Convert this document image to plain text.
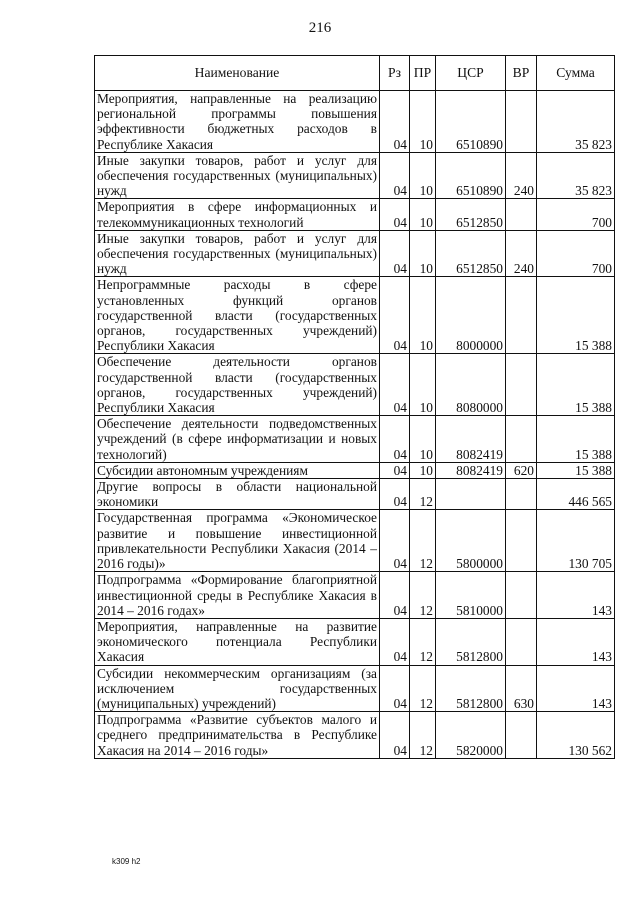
216
Наименование	Рз	ПР	ЦСР	ВР	Сумма
Мероприятия, направленные на реализацию региональной программы повышения эффективности бюджетных расходов в Республике Хакасия	04	10	6510890		35 823
Иные закупки товаров, работ и услуг для обеспечения государственных (муниципальных) нужд	04	10	6510890	240	35 823
Мероприятия в сфере информационных и телекоммуникационных технологий	04	10	6512850		700
Иные закупки товаров, работ и услуг для обеспечения государственных (муниципальных) нужд	04	10	6512850	240	700
Непрограммные расходы в сфере установленных функций органов государственной власти (государственных органов, государственных учреждений) Республики Хакасия	04	10	8000000		15 388
Обеспечение деятельности органов государственной власти (государственных органов, государственных учреждений) Республики Хакасия	04	10	8080000		15 388
Обеспечение деятельности подведомственных учреждений (в сфере информатизации и новых технологий)	04	10	8082419		15 388
Субсидии автономным учреждениям	04	10	8082419	620	15 388
Другие вопросы в области национальной экономики	04	12			446 565
Государственная программа «Экономическое развитие и повышение инвестиционной привлекательности Республики Хакасия (2014 – 2016 годы)»	04	12	5800000		130 705
Подпрограмма «Формирование благоприятной инвестиционной среды в Республике Хакасия в 2014 – 2016 годах»	04	12	5810000		143
Мероприятия, направленные на развитие экономического потенциала Республики Хакасия	04	12	5812800		143
Субсидии некоммерческим организациям (за исключением государственных (муниципальных) учреждений)	04	12	5812800	630	143
Подпрограмма «Развитие субъектов малого и среднего предпринимательства в Республике Хакасия на 2014 – 2016 годы»	04	12	5820000		130 562
k309 h2
